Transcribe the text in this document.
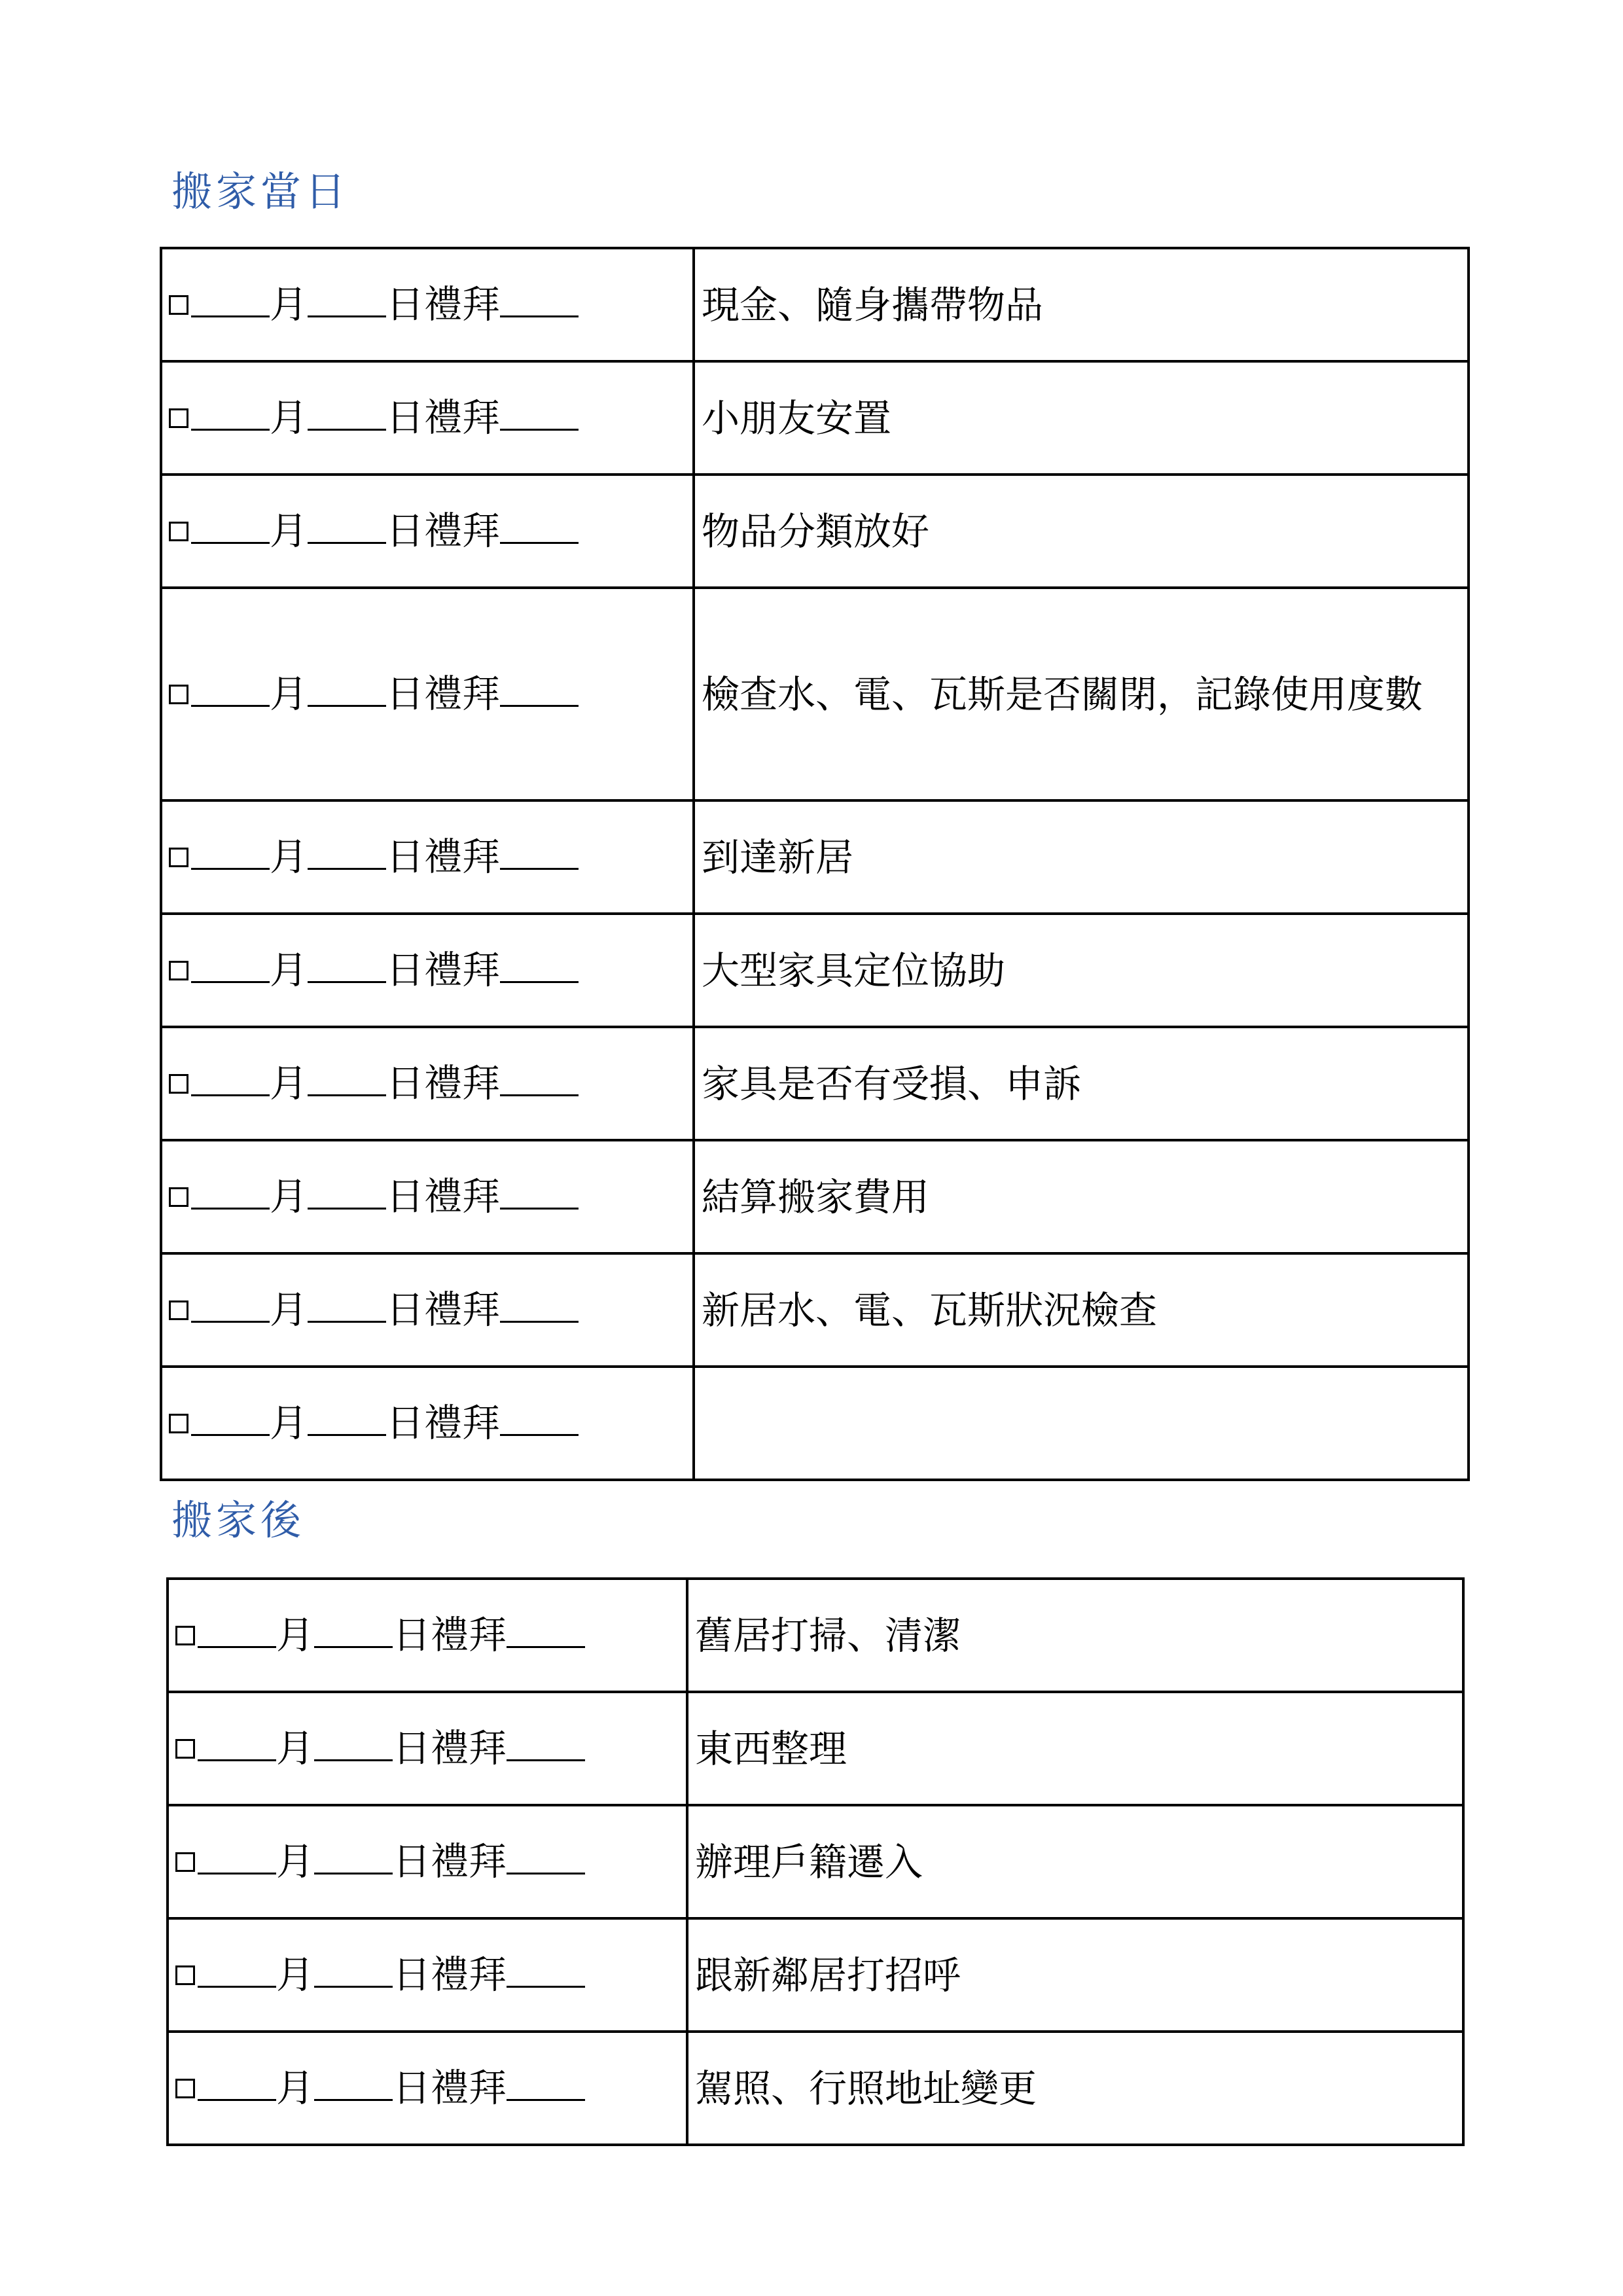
搬家當日
月 日禮拜	現金、隨身攜帶物品

月 日禮拜	小朋友安置

月 日禮拜	物品分類放好

月 日禮拜	檢查水、電、瓦斯是否關閉，記錄使用度數

月 日禮拜	到達新居

月 日禮拜	大型家具定位協助

月 日禮拜	家具是否有受損、申訴

月 日禮拜	結算搬家費用

月 日禮拜	新居水、電、瓦斯狀況檢查

月 日禮拜	

搬家後
月 日禮拜	舊居打掃、清潔

月 日禮拜	東西整理

月 日禮拜	辦理戶籍遷入

月 日禮拜	跟新鄰居打招呼

月 日禮拜	駕照、行照地址變更
